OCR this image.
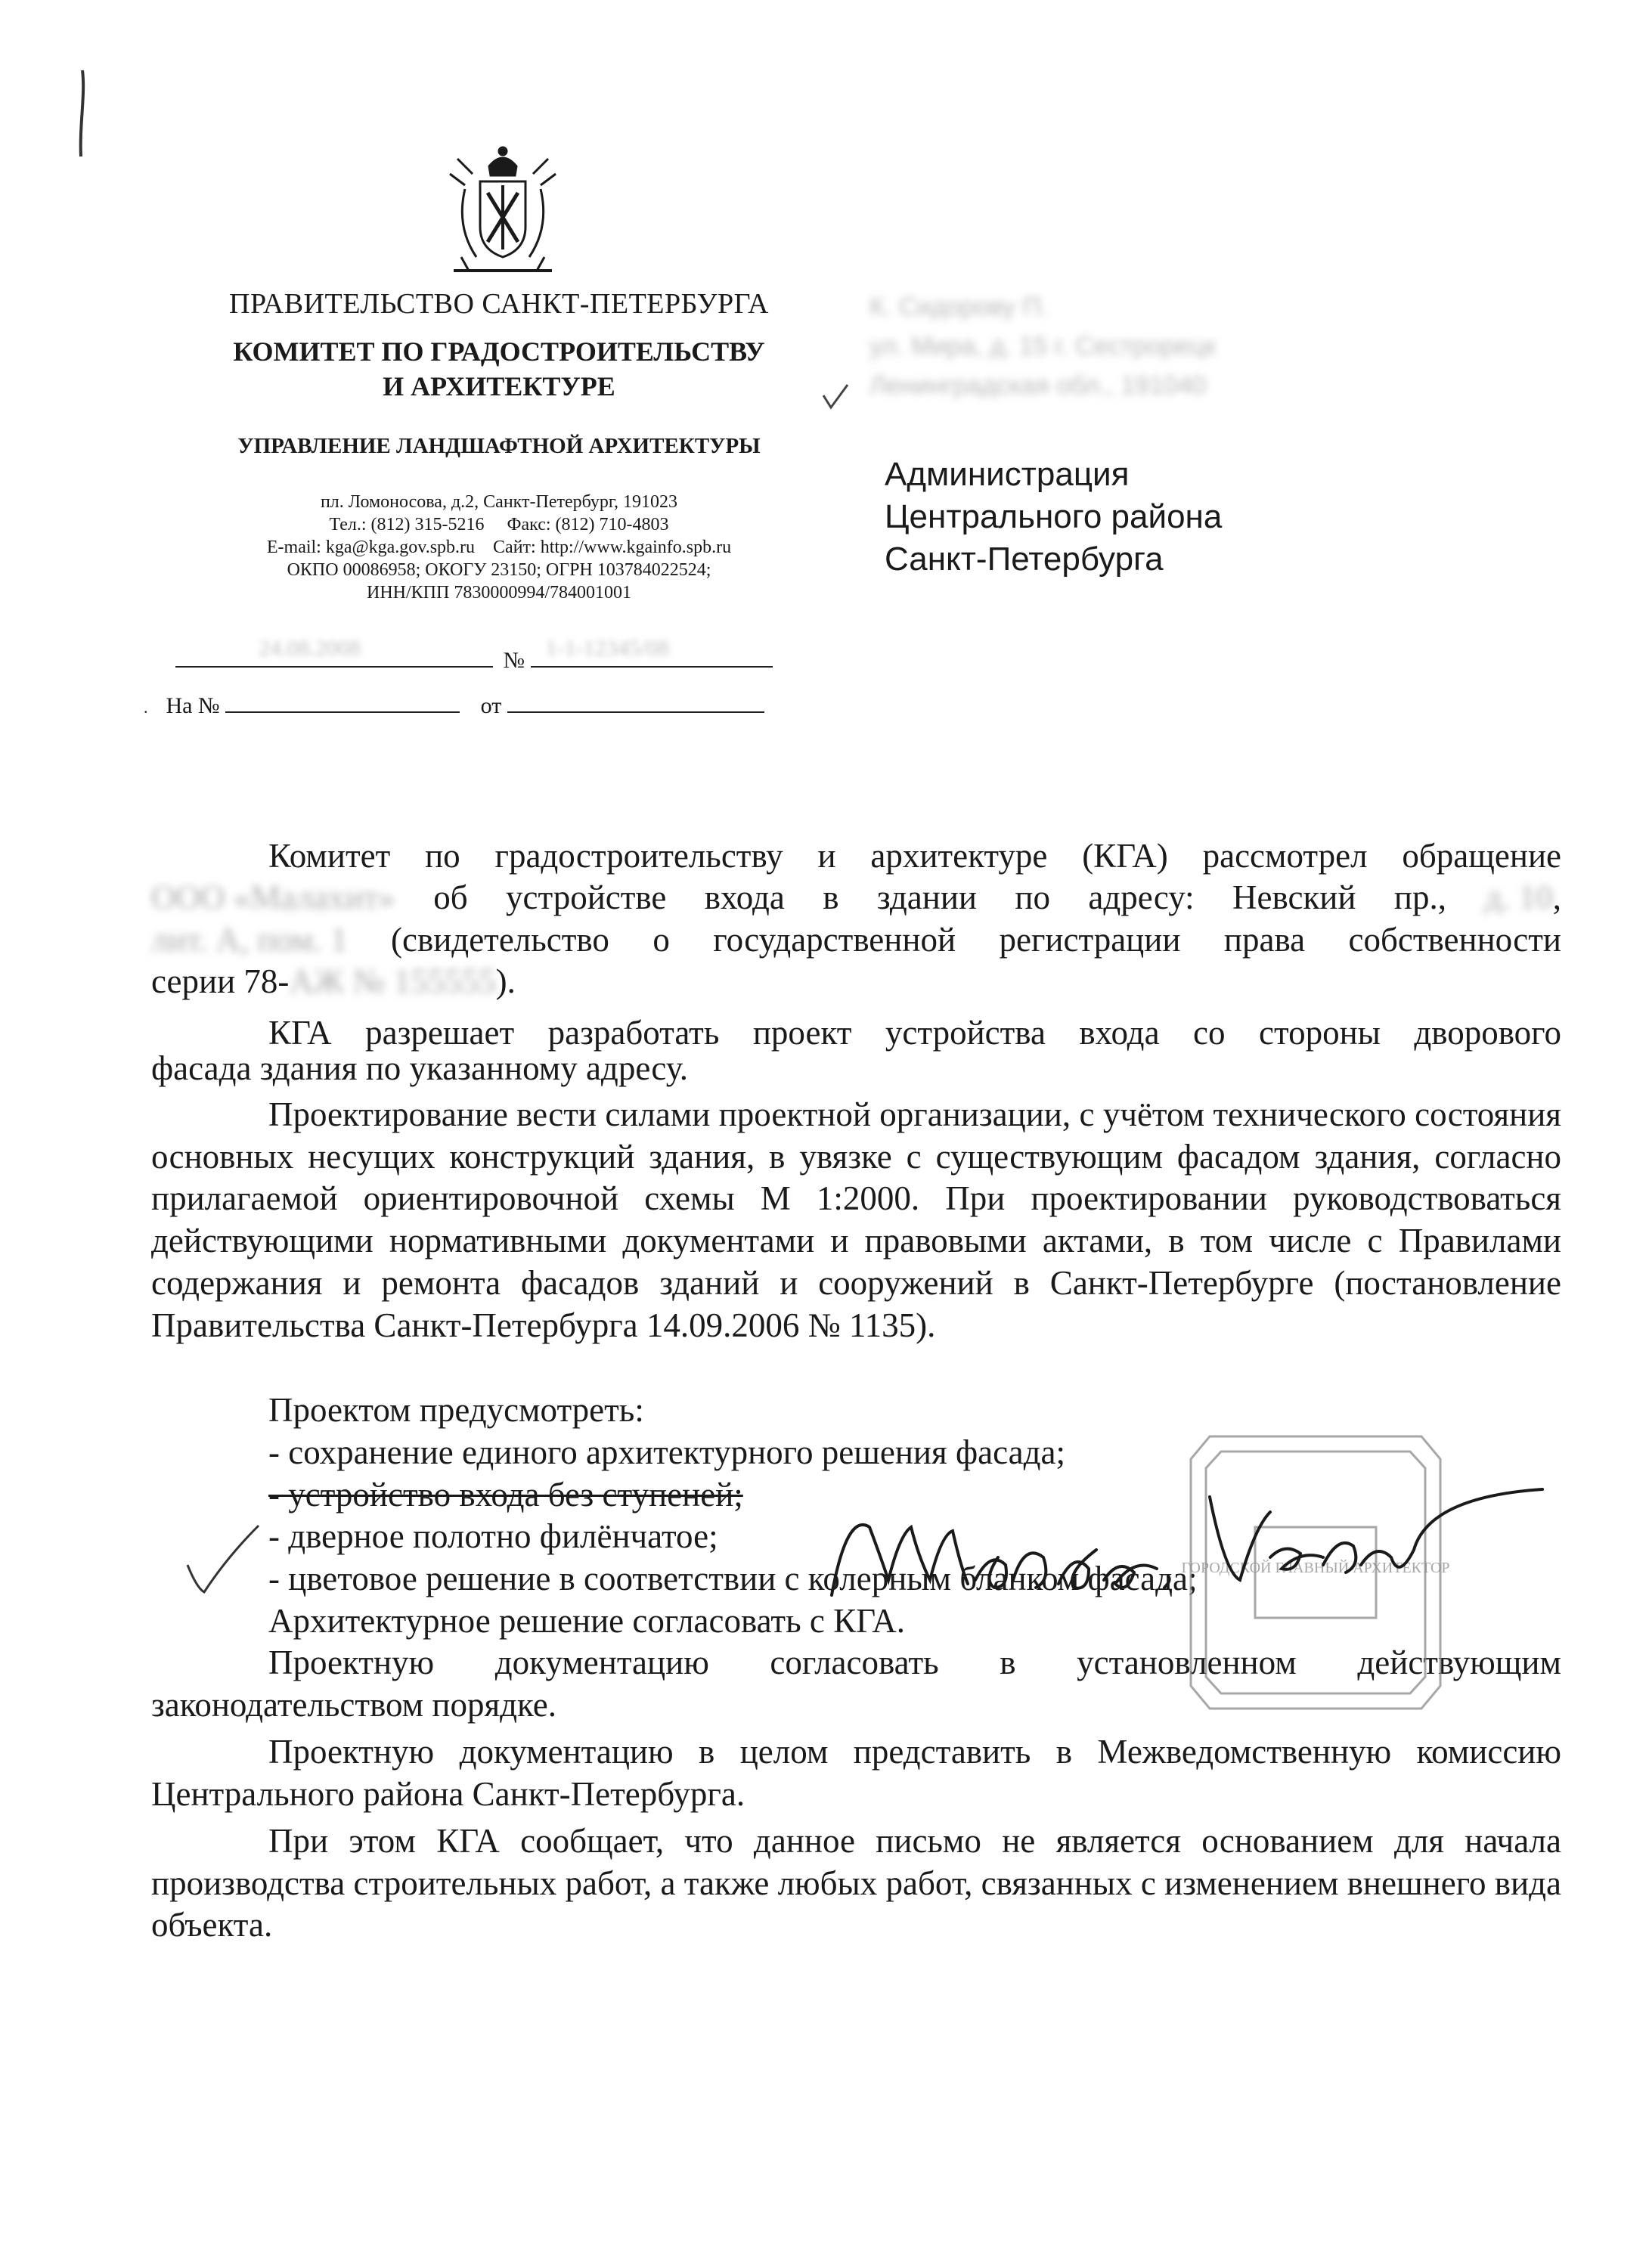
ПРАВИТЕЛЬСТВО САНКТ-ПЕТЕРБУРГА
КОМИТЕТ ПО ГРАДОСТРОИТЕЛЬСТВУ
И АРХИТЕКТУРЕ
УПРАВЛЕНИЕ ЛАНДШАФТНОЙ АРХИТЕКТУРЫ
пл. Ломоносова, д.2, Санкт-Петербург, 191023
Тел.: (812) 315-5216 Факс: (812) 710-4803
E-mail: kga@kga.gov.spb.ru Сайт: http://www.kgainfo.spb.ru
ОКПО 00086958; ОКОГУ 23150; ОГРН 103784022524;
ИНН/КПП 7830000994/784001001
24.08.2008	№ 1-1-12345/08
.    На №	от
К. Сидорову П.
ул. Мира, д. 15 г. Сестрорецк
Ленинградская обл., 191040
Администрация
Центрального района
Санкт-Петербурга
Комитет по градостроительству и архитектуре (КГА) рассмотрел обращение
ООО «Малахит» об устройстве входа в здании по адресу: Невский пр., д. 10,
лит. А, пом. 1 (свидетельство о государственной регистрации права собственности
серии 78-АЖ № 155555).
КГА разрешает разработать проект устройства входа со стороны дворового
фасада здания по указанному адресу.
Проектирование вести силами проектной организации, с учётом технического состояния основных несущих конструкций здания, в увязке с существующим фасадом здания, согласно прилагаемой ориентировочной схемы М 1:2000. При проектировании руководствоваться действующими нормативными документами и правовыми актами, в том числе с Правилами содержания и ремонта фасадов зданий и сооружений в Санкт-Петербурге (постановление Правительства Санкт-Петербурга 14.09.2006 № 1135).
Проектом предусмотреть:
- сохранение единого архитектурного решения фасада;
- устройство входа без ступеней;
- дверное полотно филёнчатое;
- цветовое решение в соответствии с колерным бланком фасада;
Архитектурное решение согласовать с КГА.
Проектную документацию согласовать в установленном действующим законодательством порядке.
Проектную документацию в целом представить в Межведомственную комиссию Центрального района Санкт-Петербурга.
При этом КГА сообщает, что данное письмо не является основанием для начала производства строительных работ, а также любых работ, связанных с изменением внешнего вида объекта.
ГОРОДСКОЙ ГЛАВНЫЙ АРХИТЕКТОР
